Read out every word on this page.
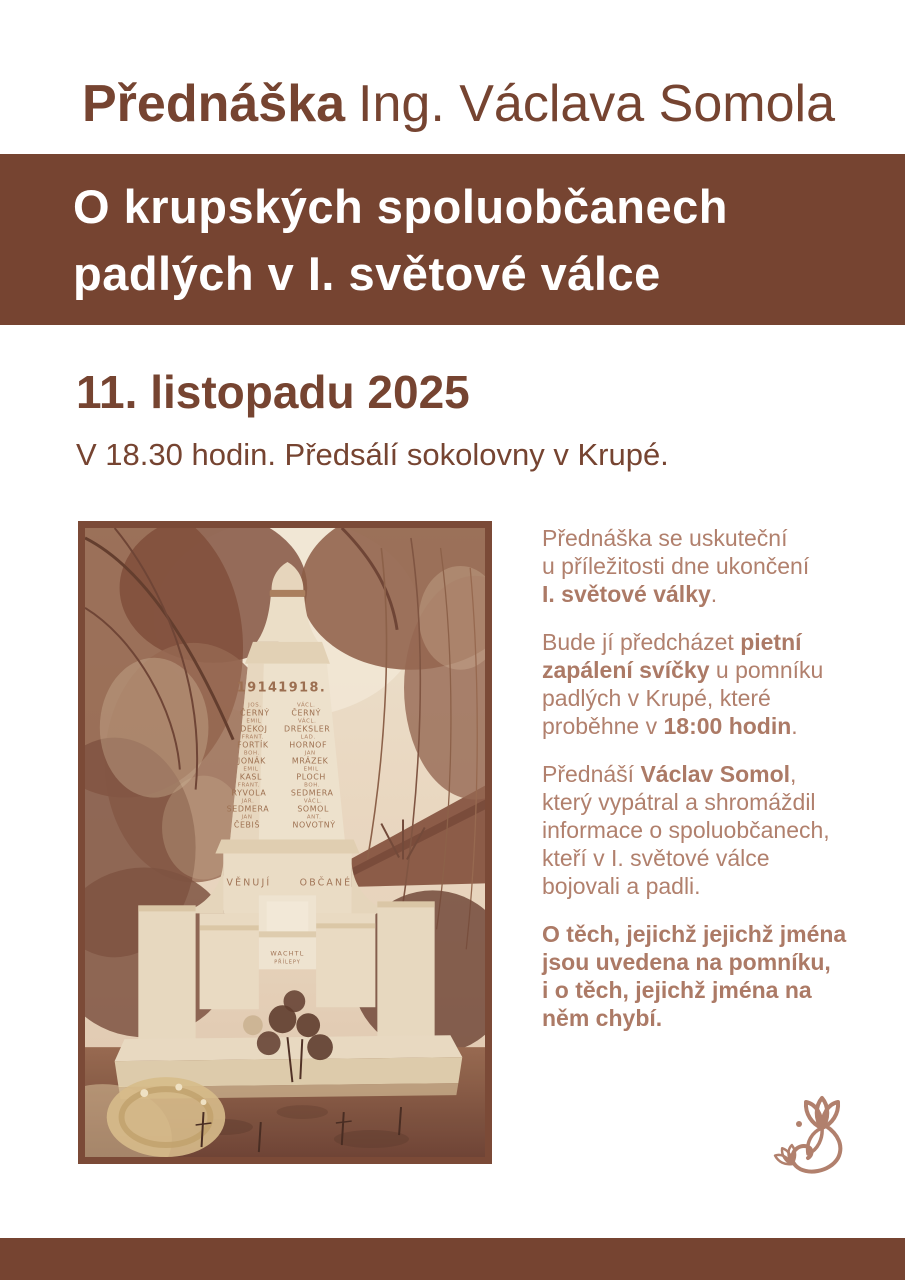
Přednáška Ing. Václava Somola
O krupských spoluobčanech
padlých v I. světové válce
11. listopadu 2025
V 18.30 hodin. Předsálí sokolovny v Krupé.
1914.
1918.
JOS. ČERNÝ
EMIL DEKOJ
FRANT. FORTÍK
BOH. JONÁK
EMIL KASL
FRANT. RYVOLA
JAR. SEDMERA
JAN ČEBIŠ
VÁCL. ČERNÝ
VÁCL. DREKSLER
LAD. HORNOF
JAN MRÁZEK
EMIL PLOCH
BOH. SEDMERA
VÁCL. SOMOL
ANT. NOVOTNÝ
VĚNUJÍ	OBČANÉ
WACHTL
PŘÍLEPY

Přednáška se uskuteční
u příležitosti dne ukončení
I. světové války.

Bude jí předcházet pietní
zapálení svíčky u pomníku
padlých v Krupé, které
proběhne v 18:00 hodin.

Přednáší Václav Somol,
který vypátral a shromáždil
informace o spoluobčanech,
kteří v I. světové válce
bojovali a padli.

O těch, jejichž jejichž jména
jsou uvedena na pomníku,
i o těch, jejichž jména na
něm chybí.
